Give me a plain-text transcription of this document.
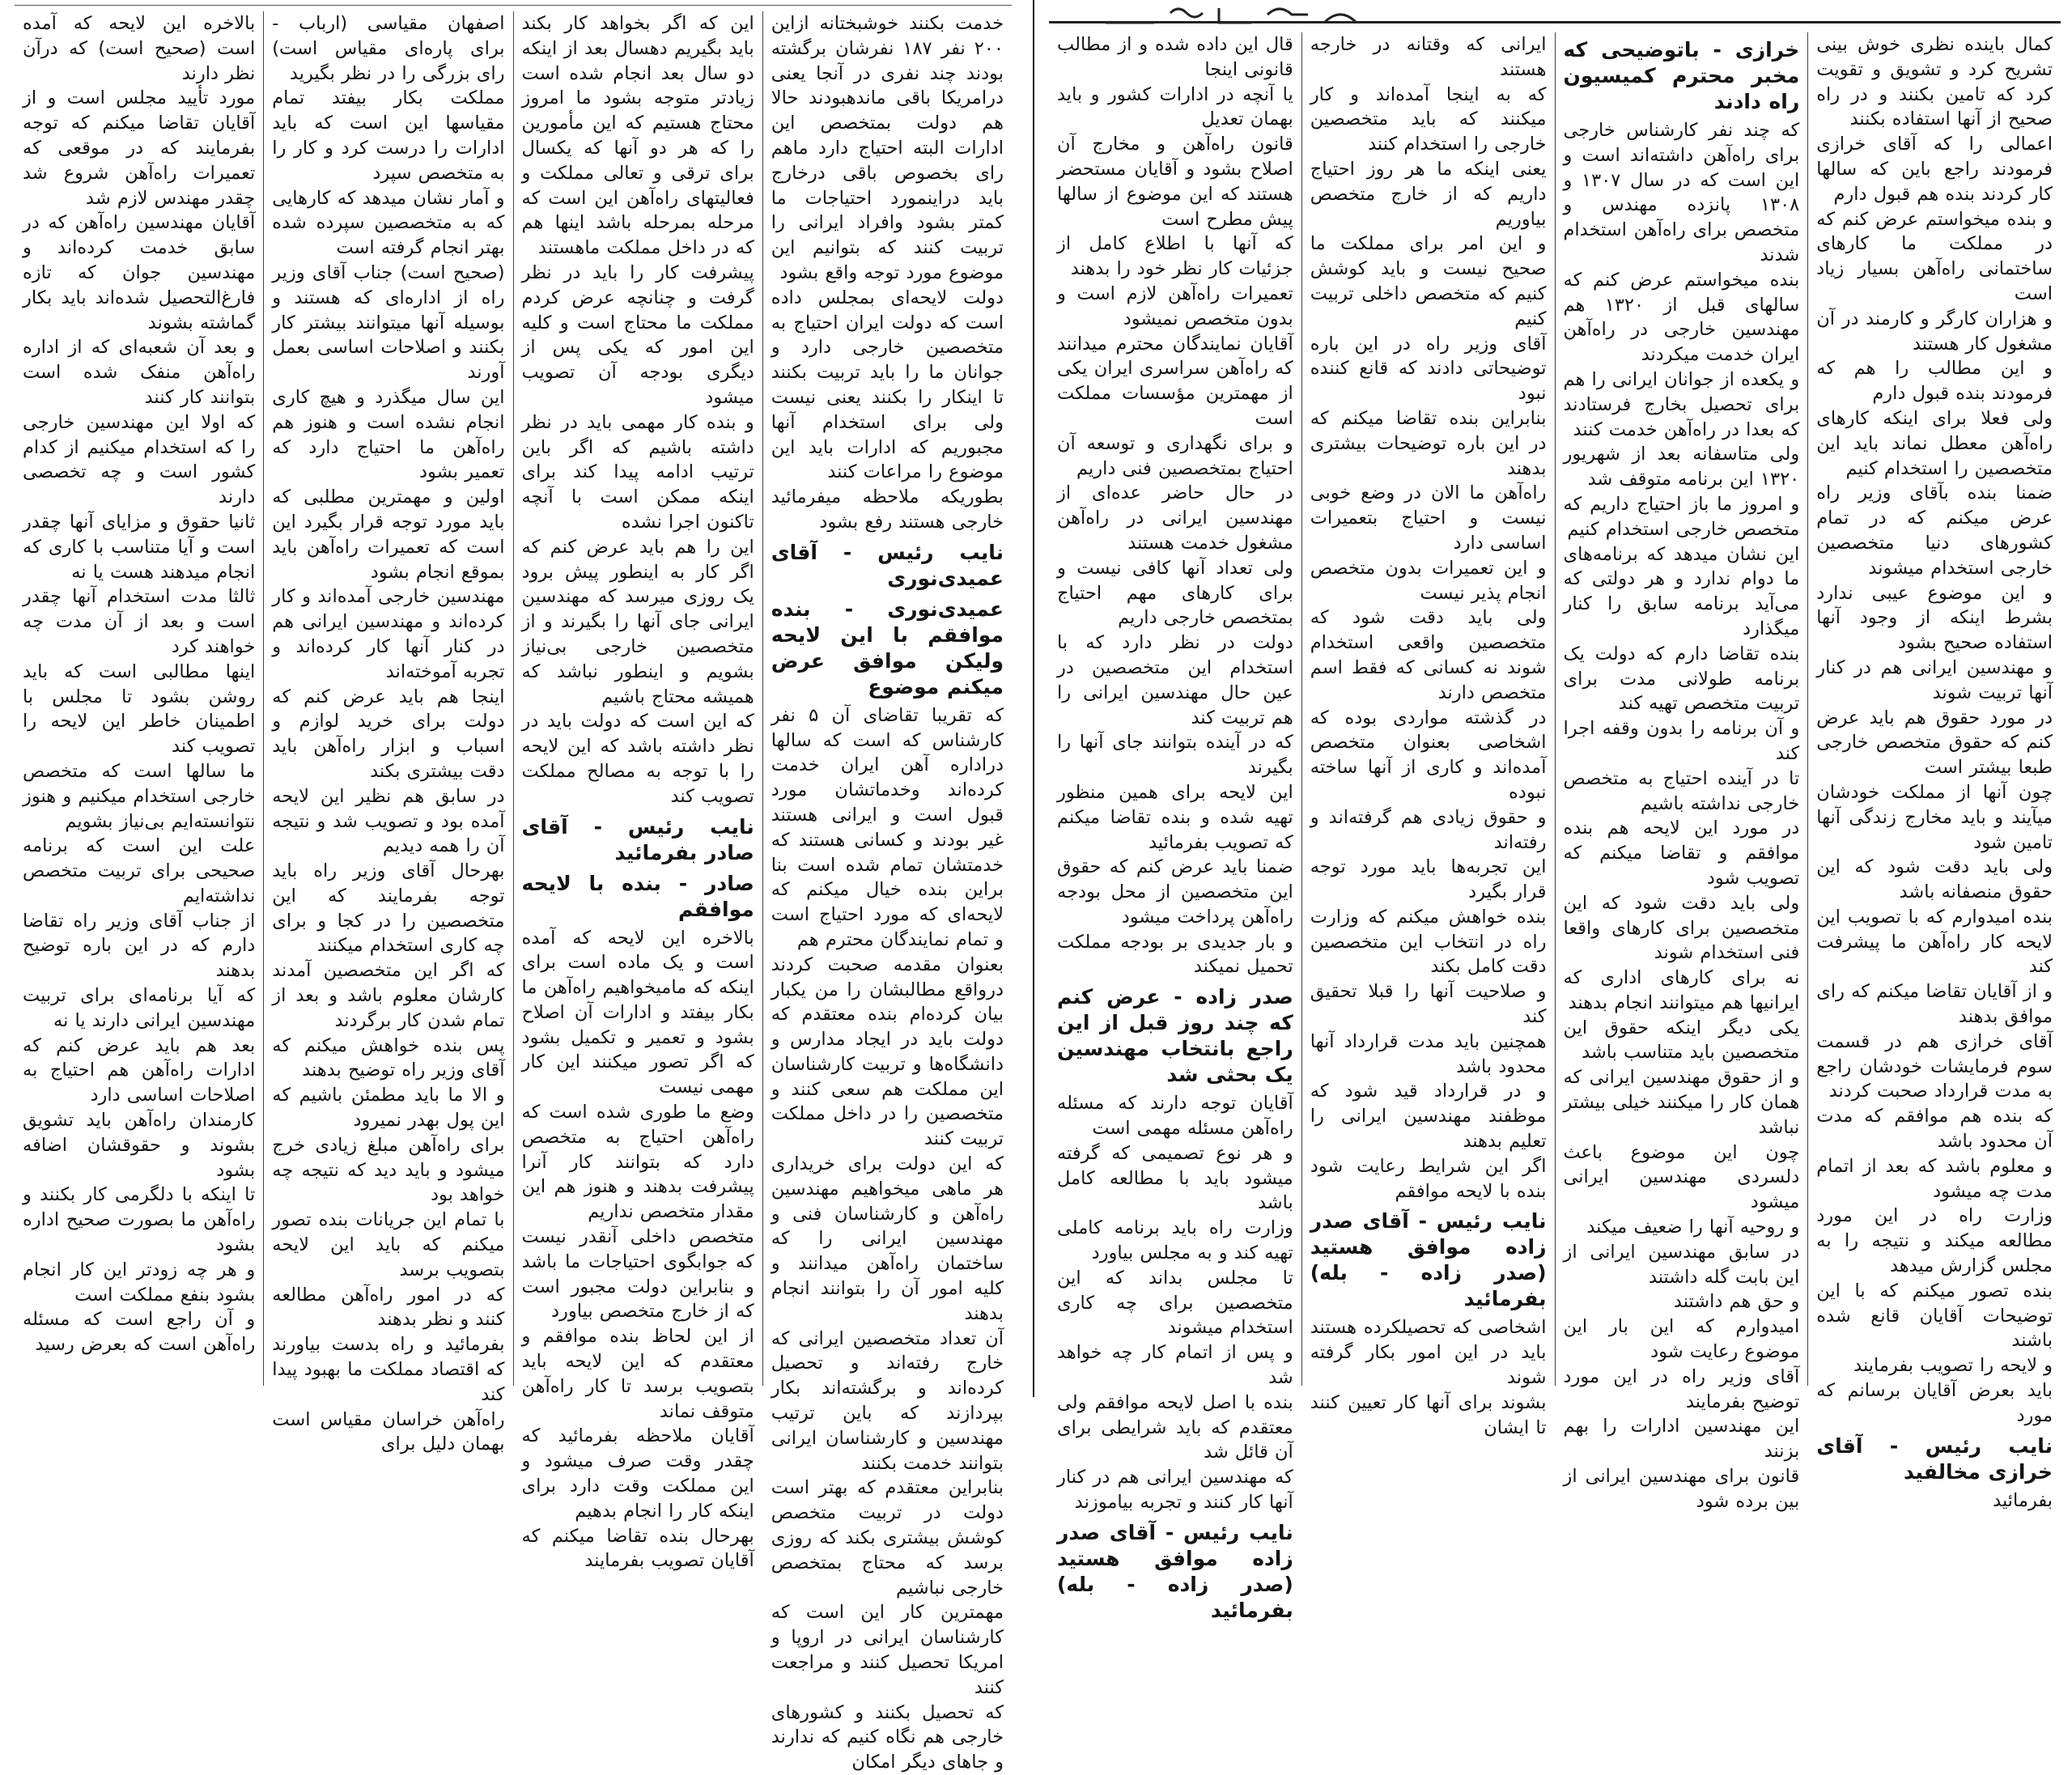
خدمت بکنند خوشبختانه ازاین ۲۰۰ نفر ۱۸۷ نفرشان برگشته بودند چند نفری در آنجا یعنی درامریکا باقی ماندهبودند حالا هم دولت بمتخصص این ادارات البته احتیاج دارد ماهم رای بخصوص باقی درخارج باید دراینمورد احتیاجات ما کمتر بشود وافراد ایرانی را تربیت کنند که بتوانیم این موضوع مورد توجه واقع بشود
دولت لایحه‌ای بمجلس داده است که دولت ایران احتیاج به متخصصین خارجی دارد و جوانان ما را باید تربیت بکنند تا اینکار را بکنند یعنی نیست ولی برای استخدام آنها مجبوریم که ادارات باید این موضوع را مراعات کنند
بطوریکه ملاحظه میفرمائید خارجی هستند رفع بشود
نایب رئیس - آقای عمیدی‌نوری
عمیدی‌نوری - بنده موافقم با این لایحه ولیکن موافق عرض میکنم موضوع
که تقریبا تقاضای آن ۵ نفر کارشناس که است که سالها دراداره آهن ایران خدمت کرده‌اند وخدماتشان مورد قبول است و ایرانی هستند غیر بودند و کسانی هستند که خدمتشان تمام شده است بنا براین بنده خیال میکنم که لایحه‌ای که مورد احتیاج است و تمام نمایندگان محترم هم
بعنوان مقدمه صحبت کردند درواقع مطالبشان را من یکبار بیان کرده‌ام بنده معتقدم که دولت باید در ایجاد مدارس و دانشگاه‌ها و تربیت کارشناسان این مملکت هم سعی کنند و متخصصین را در داخل مملکت تربیت کنند
که این دولت برای خریداری هر ماهی میخواهیم مهندسین راه‌آهن و کارشناسان فنی و مهندسین ایرانی را که ساختمان راه‌آهن میدانند و کلیه امور آن را بتوانند انجام بدهند
آن تعداد متخصصین ایرانی که خارج رفته‌اند و تحصیل کرده‌اند و برگشته‌اند بکار بپردازند که باین ترتیب مهندسین و کارشناسان ایرانی بتوانند خدمت بکنند
بنابراین معتقدم که بهتر است دولت در تربیت متخصص کوشش بیشتری بکند که روزی برسد که محتاج بمتخصص خارجی نباشیم
مهمترین کار این است که کارشناسان ایرانی در اروپا و امریکا تحصیل کنند و مراجعت کنند
که تحصیل بکنند و کشورهای خارجی هم نگاه کنیم که ندارند و جاهای دیگر امکان
این که اگر بخواهد کار بکند باید بگیریم دهسال بعد از اینکه دو سال بعد انجام شده است زیادتر متوجه بشود ما امروز محتاج هستیم که این مأمورین را که هر دو آنها که یکسال برای ترقی و تعالی مملکت و فعالیتهای راه‌آهن این است که مرحله بمرحله باشد اینها هم که در داخل مملکت ماهستند
پیشرفت کار را باید در نظر گرفت و چنانچه عرض کردم مملکت ما محتاج است و کلیه این امور که یکی پس از دیگری بودجه آن تصویب میشود
و بنده کار مهمی باید در نظر داشته باشیم که اگر باین ترتیب ادامه پیدا کند برای اینکه ممکن است با آنچه تاکنون اجرا نشده
این را هم باید عرض کنم که اگر کار به اینطور پیش برود یک روزی میرسد که مهندسین ایرانی جای آنها را بگیرند و از متخصصین خارجی بی‌نیاز بشویم و اینطور نباشد که همیشه محتاج باشیم
که این است که دولت باید در نظر داشته باشد که این لایحه را با توجه به مصالح مملکت تصویب کند
نایب رئیس - آقای صادر بفرمائید
صادر - بنده با لایحه موافقم
بالاخره این لایحه که آمده است و یک ماده است برای اینکه که مامیخواهیم راه‌آهن ما بکار بیفتد و ادارات آن اصلاح بشود و تعمیر و تکمیل بشود که اگر تصور میکنند این کار مهمی نیست
وضع ما طوری شده است که راه‌آهن احتیاج به متخصص دارد که بتوانند کار آنرا پیشرفت بدهند و هنوز هم این مقدار متخصص نداریم
متخصص داخلی آنقدر نیست که جوابگوی احتیاجات ما باشد و بنابراین دولت مجبور است که از خارج متخصص بیاورد
از این لحاظ بنده موافقم و معتقدم که این لایحه باید بتصویب برسد تا کار راه‌آهن متوقف نماند
آقایان ملاحظه بفرمائید که چقدر وقت صرف میشود و این مملکت وقت دارد برای اینکه کار را انجام بدهیم
بهرحال بنده تقاضا میکنم که آقایان تصویب بفرمایند
اصفهان مقیاسی (ارباب - برای پاره‌ای مقیاس است) رای بزرگی را در نظر بگیرید
مملکت بکار بیفتد تمام مقیاسها این است که باید ادارات را درست کرد و کار را به متخصص سپرد
و آمار نشان میدهد که کارهایی که به متخصصین سپرده شده بهتر انجام گرفته است
(صحیح است) جناب آقای وزیر راه از اداره‌ای که هستند و بوسیله آنها میتوانند بیشتر کار بکنند و اصلاحات اساسی بعمل آورند
این سال میگذرد و هیچ کاری انجام نشده است و هنوز هم راه‌آهن ما احتیاج دارد که تعمیر بشود
اولین و مهمترین مطلبی که باید مورد توجه قرار بگیرد این است که تعمیرات راه‌آهن باید بموقع انجام بشود
مهندسین خارجی آمده‌اند و کار کرده‌اند و مهندسین ایرانی هم در کنار آنها کار کرده‌اند و تجربه آموخته‌اند
اینجا هم باید عرض کنم که دولت برای خرید لوازم و اسباب و ابزار راه‌آهن باید دقت بیشتری بکند
در سابق هم نظیر این لایحه آمده بود و تصویب شد و نتیجه آن را همه دیدیم
بهرحال آقای وزیر راه باید توجه بفرمایند که این متخصصین را در کجا و برای چه کاری استخدام میکنند
که اگر این متخصصین آمدند کارشان معلوم باشد و بعد از تمام شدن کار برگردند
پس بنده خواهش میکنم که آقای وزیر راه توضیح بدهند
و الا ما باید مطمئن باشیم که این پول بهدر نمیرود
برای راه‌آهن مبلغ زیادی خرج میشود و باید دید که نتیجه چه خواهد بود
با تمام این جریانات بنده تصور میکنم که باید این لایحه بتصویب برسد
که در امور راه‌آهن مطالعه کنند و نظر بدهند
بفرمائید و راه بدست بیاورند که اقتصاد مملکت ما بهبود پیدا کند
راه‌آهن خراسان مقیاس است بهمان دلیل برای
بالاخره این لایحه که آمده است (صحیح است) که درآن نظر دارند
مورد تأیید مجلس است و از آقایان تقاضا میکنم که توجه بفرمایند که در موقعی که تعمیرات راه‌آهن شروع شد چقدر مهندس لازم شد
آقایان مهندسین راه‌آهن که در سابق خدمت کرده‌اند و مهندسین جوان که تازه فارغ‌التحصیل شده‌اند باید بکار گماشته بشوند
و بعد آن شعبه‌ای که از اداره راه‌آهن منفک شده است بتوانند کار کنند
که اولا این مهندسین خارجی را که استخدام میکنیم از کدام کشور است و چه تخصصی دارند
ثانیا حقوق و مزایای آنها چقدر است و آیا متناسب با کاری که انجام میدهند هست یا نه
ثالثا مدت استخدام آنها چقدر است و بعد از آن مدت چه خواهند کرد
اینها مطالبی است که باید روشن بشود تا مجلس با اطمینان خاطر این لایحه را تصویب کند
ما سالها است که متخصص خارجی استخدام میکنیم و هنوز نتوانسته‌ایم بی‌نیاز بشویم
علت این است که برنامه صحیحی برای تربیت متخصص نداشته‌ایم
از جناب آقای وزیر راه تقاضا دارم که در این باره توضیح بدهند
که آیا برنامه‌ای برای تربیت مهندسین ایرانی دارند یا نه
بعد هم باید عرض کنم که ادارات راه‌آهن هم احتیاج به اصلاحات اساسی دارد
کارمندان راه‌آهن باید تشویق بشوند و حقوقشان اضافه بشود
تا اینکه با دلگرمی کار بکنند و راه‌آهن ما بصورت صحیح اداره بشود
و هر چه زودتر این کار انجام بشود بنفع مملکت است
و آن راجع است که مسئله راه‌آهن است که بعرض رسید
کمال باینده نظری خوش بینی تشریح کرد و تشویق و تقویت کرد که تامین بکنند و در راه صحیح از آنها استفاده بکنند
اعمالی را که آقای خرازی فرمودند راجع باین که سالها کار کردند بنده هم قبول دارم
و بنده میخواستم عرض کنم که در مملکت ما کارهای ساختمانی راه‌آهن بسیار زیاد است
و هزاران کارگر و کارمند در آن مشغول کار هستند
و این مطالب را هم که فرمودند بنده قبول دارم
ولی فعلا برای اینکه کارهای راه‌آهن معطل نماند باید این متخصصین را استخدام کنیم
ضمنا بنده بآقای وزیر راه عرض میکنم که در تمام کشورهای دنیا متخصصین خارجی استخدام میشوند
و این موضوع عیبی ندارد بشرط اینکه از وجود آنها استفاده صحیح بشود
و مهندسین ایرانی هم در کنار آنها تربیت شوند
در مورد حقوق هم باید عرض کنم که حقوق متخصص خارجی طبعا بیشتر است
چون آنها از مملکت خودشان میآیند و باید مخارج زندگی آنها تامین شود
ولی باید دقت شود که این حقوق منصفانه باشد
بنده امیدوارم که با تصویب این لایحه کار راه‌آهن ما پیشرفت کند
و از آقایان تقاضا میکنم که رای موافق بدهند
آقای خرازی هم در قسمت سوم فرمایشات خودشان راجع به مدت قرارداد صحبت کردند
که بنده هم موافقم که مدت آن محدود باشد
و معلوم باشد که بعد از اتمام مدت چه میشود
وزارت راه در این مورد مطالعه میکند و نتیجه را به مجلس گزارش میدهد
بنده تصور میکنم که با این توضیحات آقایان قانع شده باشند
و لایحه را تصویب بفرمایند
باید بعرض آقایان برسانم که مورد
نایب رئیس - آقای خرازی مخالفید
بفرمائید
خرازی - باتوضیحی که مخبر محترم کمیسیون راه دادند
که چند نفر کارشناس خارجی برای راه‌آهن داشته‌اند است و این است که در سال ۱۳۰۷ و ۱۳۰۸ پانزده مهندس و متخصص برای راه‌آهن استخدام شدند
بنده میخواستم عرض کنم که سالهای قبل از ۱۳۲۰ هم مهندسین خارجی در راه‌آهن ایران خدمت میکردند
و یکعده از جوانان ایرانی را هم برای تحصیل بخارج فرستادند که بعدا در راه‌آهن خدمت کنند
ولی متاسفانه بعد از شهریور ۱۳۲۰ این برنامه متوقف شد
و امروز ما باز احتیاج داریم که متخصص خارجی استخدام کنیم
این نشان میدهد که برنامه‌های ما دوام ندارد و هر دولتی که می‌آید برنامه سابق را کنار میگذارد
بنده تقاضا دارم که دولت یک برنامه طولانی مدت برای تربیت متخصص تهیه کند
و آن برنامه را بدون وقفه اجرا کند
تا در آینده احتیاج به متخصص خارجی نداشته باشیم
در مورد این لایحه هم بنده موافقم و تقاضا میکنم که تصویب شود
ولی باید دقت شود که این متخصصین برای کارهای واقعا فنی استخدام شوند
نه برای کارهای اداری که ایرانیها هم میتوانند انجام بدهند
یکی دیگر اینکه حقوق این متخصصین باید متناسب باشد
و از حقوق مهندسین ایرانی که همان کار را میکنند خیلی بیشتر نباشد
چون این موضوع باعث دلسردی مهندسین ایرانی میشود
و روحیه آنها را ضعیف میکند
در سابق مهندسین ایرانی از این بابت گله داشتند
و حق هم داشتند
امیدوارم که این بار این موضوع رعایت شود
آقای وزیر راه در این مورد توضیح بفرمایند
این مهندسین ادارات را بهم بزنند
قانون برای مهندسین ایرانی از بین برده شود
ایرانی که وقتانه در خارجه هستند
که به اینجا آمده‌اند و کار میکنند که باید متخصصین خارجی را استخدام کنند
یعنی اینکه ما هر روز احتیاج داریم که از خارج متخصص بیاوریم
و این امر برای مملکت ما صحیح نیست و باید کوشش کنیم که متخصص داخلی تربیت کنیم
آقای وزیر راه در این باره توضیحاتی دادند که قانع کننده نبود
بنابراین بنده تقاضا میکنم که در این باره توضیحات بیشتری بدهند
راه‌آهن ما الان در وضع خوبی نیست و احتیاج بتعمیرات اساسی دارد
و این تعمیرات بدون متخصص انجام پذیر نیست
ولی باید دقت شود که متخصصین واقعی استخدام شوند نه کسانی که فقط اسم متخصص دارند
در گذشته مواردی بوده که اشخاصی بعنوان متخصص آمده‌اند و کاری از آنها ساخته نبوده
و حقوق زیادی هم گرفته‌اند و رفته‌اند
این تجربه‌ها باید مورد توجه قرار بگیرد
بنده خواهش میکنم که وزارت راه در انتخاب این متخصصین دقت کامل بکند
و صلاحیت آنها را قبلا تحقیق کند
همچنین باید مدت قرارداد آنها محدود باشد
و در قرارداد قید شود که موظفند مهندسین ایرانی را تعلیم بدهند
اگر این شرایط رعایت شود بنده با لایحه موافقم
نایب رئیس - آقای صدر زاده موافق هستید (صدر زاده - بله) بفرمائید
اشخاصی که تحصیلکرده هستند باید در این امور بکار گرفته شوند
بشوند برای آنها کار تعیین کنند تا ایشان
قال این داده شده و از مطالب قانونی اینجا
یا آنچه در ادارات کشور و باید بهمان تعدیل
قانون راه‌آهن و مخارج آن اصلاح بشود و آقایان مستحضر هستند که این موضوع از سالها پیش مطرح است
که آنها با اطلاع کامل از جزئیات کار نظر خود را بدهند
تعمیرات راه‌آهن لازم است و بدون متخصص نمیشود
آقایان نمایندگان محترم میدانند که راه‌آهن سراسری ایران یکی از مهمترین مؤسسات مملکت است
و برای نگهداری و توسعه آن احتیاج بمتخصصین فنی داریم
در حال حاضر عده‌ای از مهندسین ایرانی در راه‌آهن مشغول خدمت هستند
ولی تعداد آنها کافی نیست و برای کارهای مهم احتیاج بمتخصص خارجی داریم
دولت در نظر دارد که با استخدام این متخصصین در عین حال مهندسین ایرانی را هم تربیت کند
که در آینده بتوانند جای آنها را بگیرند
این لایحه برای همین منظور تهیه شده و بنده تقاضا میکنم که تصویب بفرمائید
ضمنا باید عرض کنم که حقوق این متخصصین از محل بودجه راه‌آهن پرداخت میشود
و بار جدیدی بر بودجه مملکت تحمیل نمیکند
صدر زاده - عرض کنم که چند روز قبل از این راجع بانتخاب مهندسین یک بحثی شد
آقایان توجه دارند که مسئله راه‌آهن مسئله مهمی است
و هر نوع تصمیمی که گرفته میشود باید با مطالعه کامل باشد
وزارت راه باید برنامه کاملی تهیه کند و به مجلس بیاورد
تا مجلس بداند که این متخصصین برای چه کاری استخدام میشوند
و پس از اتمام کار چه خواهد شد
بنده با اصل لایحه موافقم ولی معتقدم که باید شرایطی برای آن قائل شد
که مهندسین ایرانی هم در کنار آنها کار کنند و تجربه بیاموزند
نایب رئیس - آقای صدر زاده موافق هستید (صدر زاده - بله) بفرمائید
